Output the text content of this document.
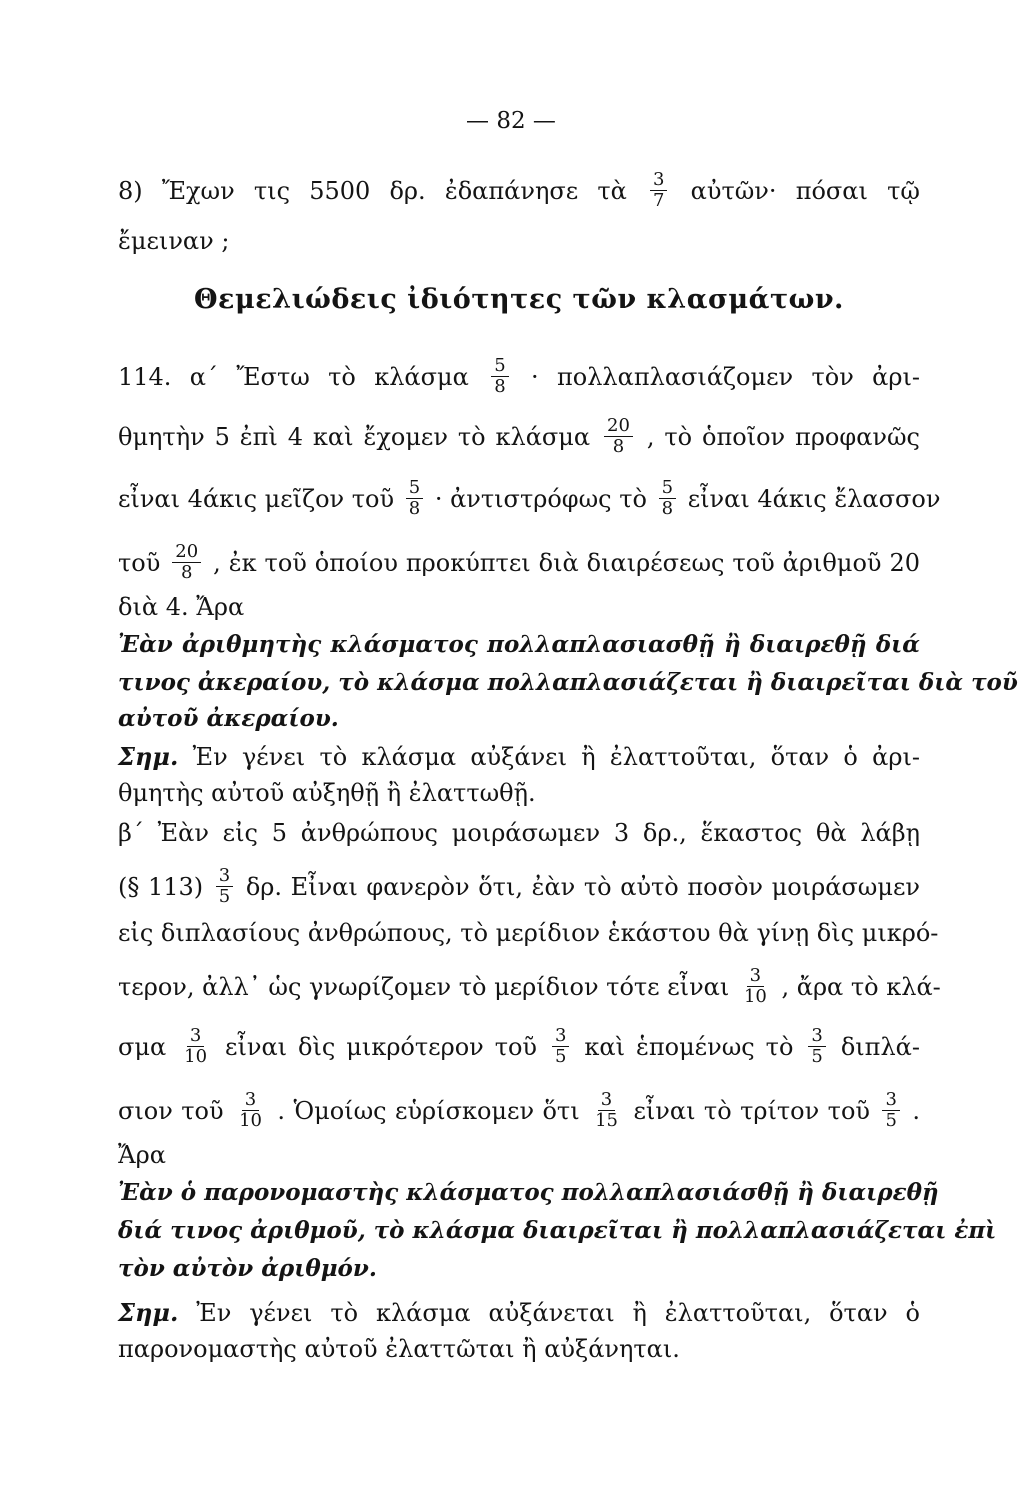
— 82 —
8) Ἔχων τις 5500 δρ. ἐδαπάνησε τὰ $\frac{3}{7}$ αὐτῶν· πόσαι τῷ
ἔμειναν ;
Θεμελιώδεις ἰδιότητες τῶν κλασμάτων.
114. α΄ Ἔστω τὸ κλάσμα $\frac{5}{8} \cdot \pi o\lambda\lambda\alpha\pi\lambda\alpha\sigma\iota ά\zeta o\mu\varepsilon\nu$ τὸν ἀρι-
θμητὴν 5 ἐπὶ 4 καὶ ἔχομεν τὸ κλάσμα $\frac{20}{8}$ , τὸ ὁποῖον προφανῶς
εἶναι 4άκις μεῖζον τοῦ $\frac{5}{8}$ · ἀντιστρόφως τὸ $\frac{5}{8}$ εἶναι 4άκις ἔλασσον
τοῦ $\frac{20}{8}$ , ἐκ τοῦ ὁποίου προκύπτει διὰ διαιρέσεως τοῦ ἀριθμοῦ 20
διὰ 4. Ἄρα
Ἐὰν ἀριθμητὴς κλάσματος πολλαπλασιασθῇ ἢ διαιρεθῇ διά
τινος ἀκεραίου, τὸ κλάσμα πολλαπλασιάζεται ἢ διαιρεῖται διὰ τοῦ
αὐτοῦ ἀκεραίου.
Σημ. Ἐν γένει τὸ κλάσμα αὐξάνει ἢ ἐλαττοῦται, ὅταν ὁ ἀρι-
θμητὴς αὐτοῦ αὐξηθῇ ἢ ἐλαττωθῇ.
β΄ Ἐὰν εἰς 5 ἀνθρώπους μοιράσωμεν 3 δρ., ἕκαστος θὰ λάβῃ
(§ $113) \frac{3}{5} \delta\rho$. Εἶναι φανερὸν ὅτι, ἐὰν τὸ αὐτὸ ποσὸν μοιράσωμεν
εἰς διπλασίους ἀνθρώπους, τὸ μερίδιον ἑκάστου θὰ γίνῃ δὶς μικρό-
τερον, ἀλλ᾽ ὡς γνωρίζομεν τὸ μερίδιον τότε εἶναι $\frac{3}{10}$ , ἄρα τὸ κλά-
σμα $\frac{3}{10}$ εἶναι δὶς μικρότερον τοῦ $\frac{3}{5}$ καὶ ἑπομένως τὸ $\frac{3}{5} \delta\iota\pi\lambda ά-$
σιον τοῦ $\frac{3}{10}$ . Ὁμοίως εὑρίσκομεν ὅτι $\frac{3}{15}$ εἶναι τὸ τρίτον τοῦ $\frac{3}{5}$ .
Ἄρα
Ἐὰν ὁ παρονομαστὴς κλάσματος πολλαπλασιάσθῇ ἢ διαιρεθῇ
διά τινος ἀριθμοῦ, τὸ κλάσμα διαιρεῖται ἢ πολλαπλασιάζεται ἐπὶ
τὸν αὐτὸν ἀριθμόν.
Σημ. Ἐν γένει τὸ κλάσμα αὐξάνεται ἢ ἐλαττοῦται, ὅταν ὁ
παρονομαστὴς αὐτοῦ ἐλαττῶται ἢ αὐξάνηται.
